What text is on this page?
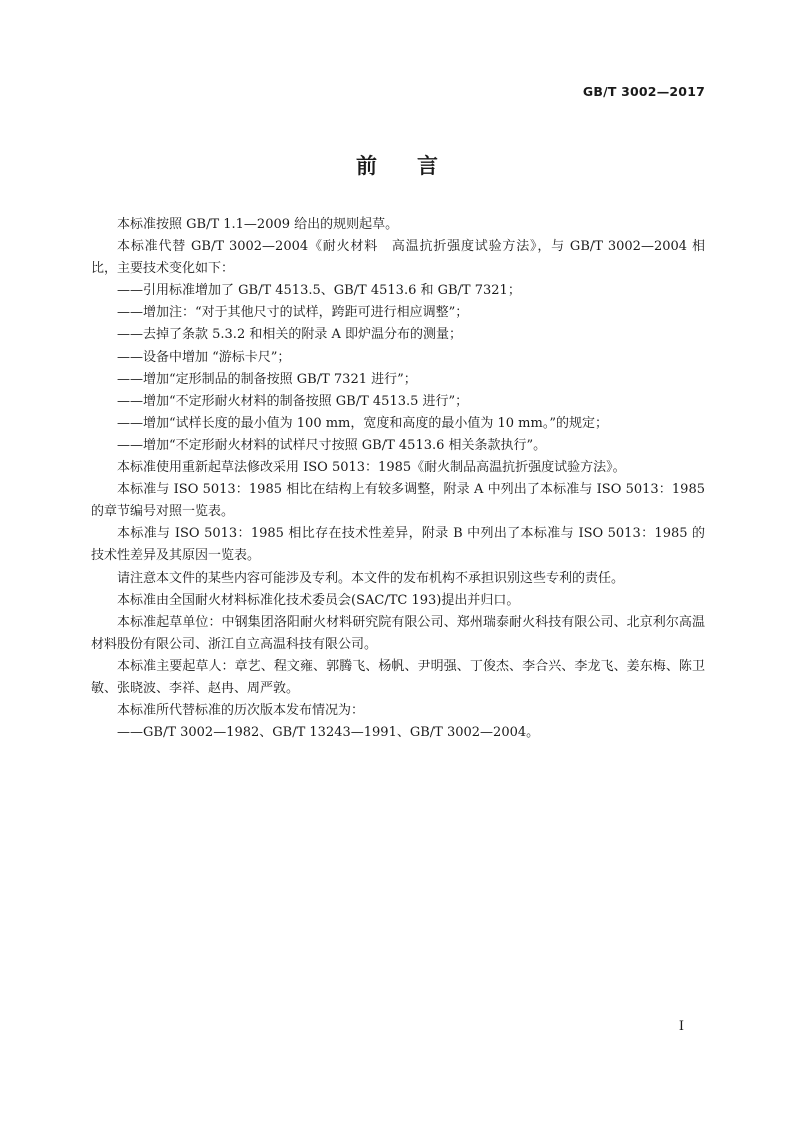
GB/T 3002—2017
前言

本标准按照 GB/T 1.1—2009 给出的规则起草。

本标准代替 GB/T 3002—2004《耐火材料　高温抗折强度试验方法》，与 GB/T 3002—2004 相比，主要技术变化如下：

——引用标准增加了 GB/T 4513.5、GB/T 4513.6 和 GB/T 7321；

——增加注：“对于其他尺寸的试样，跨距可进行相应调整”；

——去掉了条款 5.3.2 和相关的附录 A 即炉温分布的测量；

——设备中增加 “游标卡尺”；

——增加“定形制品的制备按照 GB/T 7321 进行”；

——增加“不定形耐火材料的制备按照 GB/T 4513.5 进行”；

——增加“试样长度的最小值为 100 mm，宽度和高度的最小值为 10 mm。”的规定；

——增加“不定形耐火材料的试样尺寸按照 GB/T 4513.6 相关条款执行”。

本标准使用重新起草法修改采用 ISO 5013：1985《耐火制品高温抗折强度试验方法》。

本标准与 ISO 5013：1985 相比在结构上有较多调整，附录 A 中列出了本标准与 ISO 5013：1985 的章节编号对照一览表。

本标准与 ISO 5013：1985 相比存在技术性差异，附录 B 中列出了本标准与 ISO 5013：1985 的技术性差异及其原因一览表。

请注意本文件的某些内容可能涉及专利。本文件的发布机构不承担识别这些专利的责任。

本标准由全国耐火材料标准化技术委员会(SAC/TC 193)提出并归口。

本标准起草单位：中钢集团洛阳耐火材料研究院有限公司、郑州瑞泰耐火科技有限公司、北京利尔高温材料股份有限公司、浙江自立高温科技有限公司。

本标准主要起草人：章艺、程文雍、郭腾飞、杨帆、尹明强、丁俊杰、李合兴、李龙飞、姜东梅、陈卫敏、张晓波、李祥、赵冉、周严敦。

本标准所代替标准的历次版本发布情况为：

——GB/T 3002—1982、GB/T 13243—1991、GB/T 3002—2004。

I
